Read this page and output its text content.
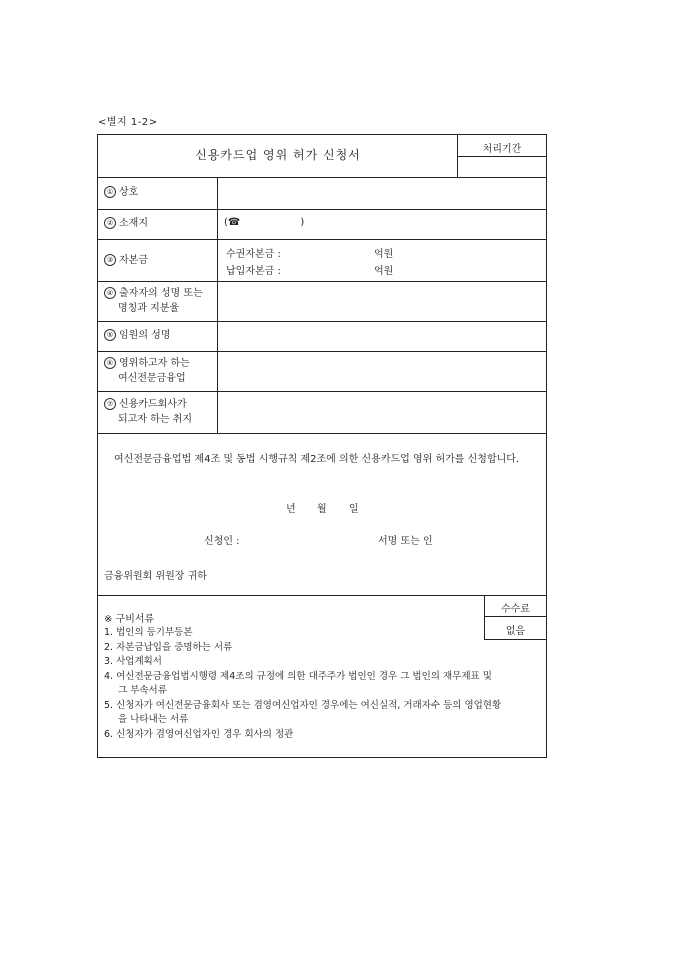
<별지 1-2>
신용카드업 영위 허가 신청서	처리기간
① 상호
② 소재지	(☎	)
③ 자본금
수권자본금 :	억원
납입자본금 :	억원
④ 출자자의 성명 또는
명칭과 지분율
⑤ 임원의 성명
⑥ 영위하고자 하는
여신전문금융업
⑦ 신용카드회사가
되고자 하는 취지
여신전문금융업법 제4조 및 동법 시행규칙 제2조에 의한 신용카드업 영위 허가를 신청합니다.
년 월 일
신청인 :	서명 또는 인
금융위원회 위원장 귀하
수수료
없음
※ 구비서류
1. 법인의 등기부등본
2. 자본금납입을 증명하는 서류
3. 사업계획서
4. 여신전문금융업법시행령 제4조의 규정에 의한 대주주가 법인인 경우 그 법인의 재무제표 및 그 부속서류
5. 신청자가 여신전문금융회사 또는 겸영여신업자인 경우에는 여신실적, 거래자수 등의 영업현황을 나타내는 서류
6. 신청자가 겸영여신업자인 경우 회사의 정관
